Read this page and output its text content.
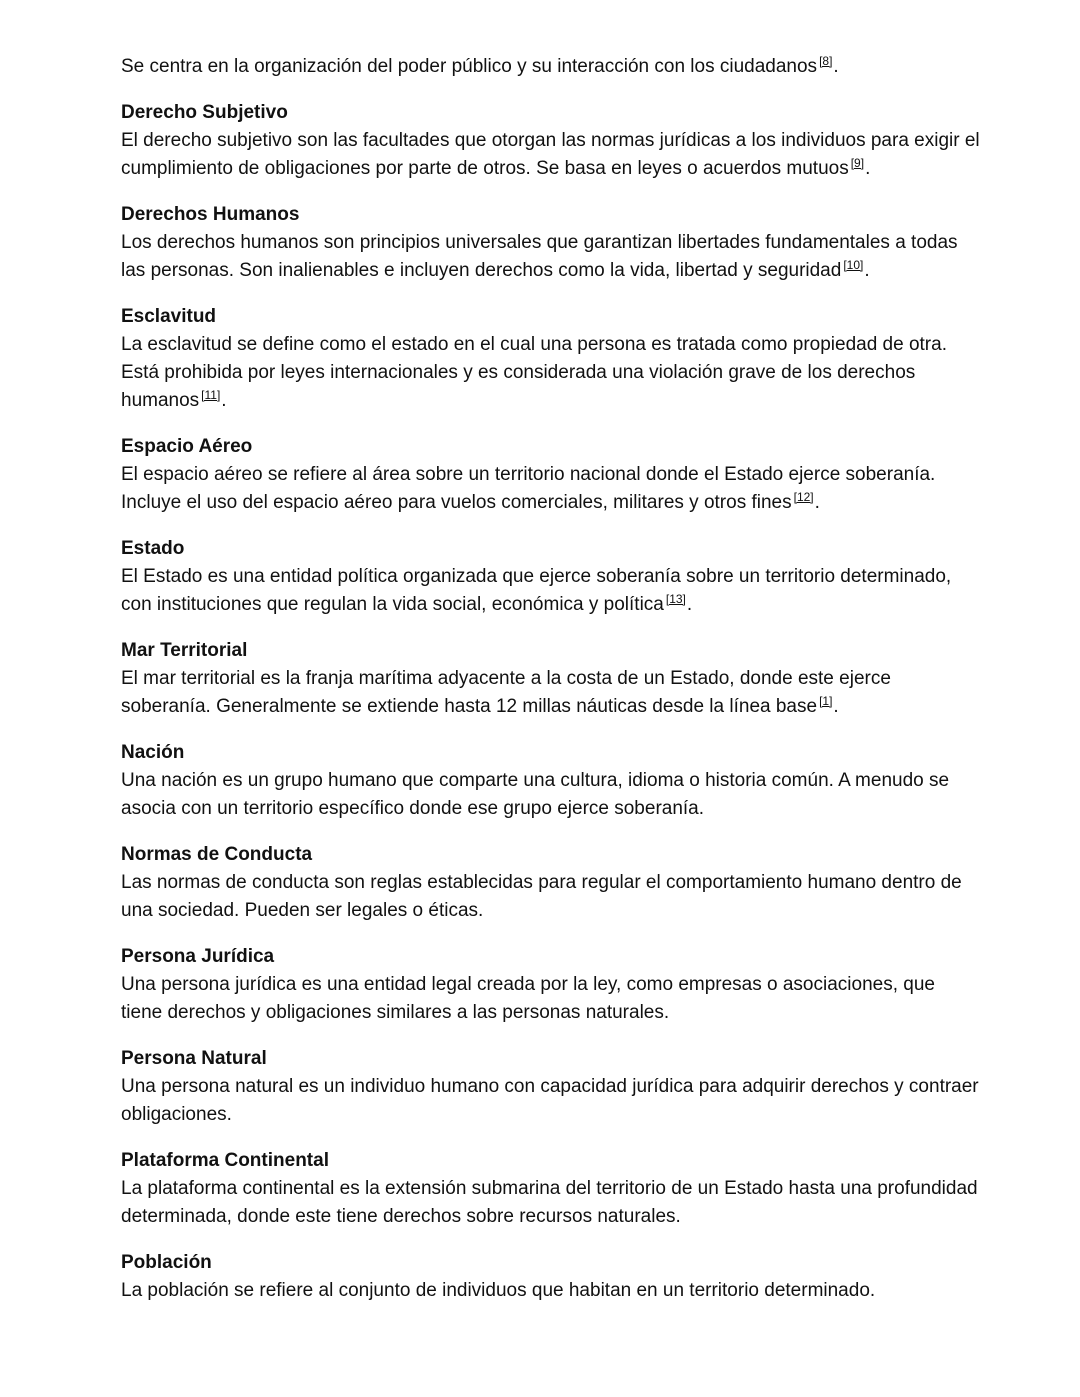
Se centra en la organización del poder público y su interacción con los ciudadanos [8].

Derecho Subjetivo

El derecho subjetivo son las facultades que otorgan las normas jurídicas a los individuos para exigir el cumplimiento de obligaciones por parte de otros. Se basa en leyes o acuerdos mutuos [9].

Derechos Humanos

Los derechos humanos son principios universales que garantizan libertades fundamentales a todas las personas. Son inalienables e incluyen derechos como la vida, libertad y seguridad [10].

Esclavitud

La esclavitud se define como el estado en el cual una persona es tratada como propiedad de otra. Está prohibida por leyes internacionales y es considerada una violación grave de los derechos humanos [11].

Espacio Aéreo

El espacio aéreo se refiere al área sobre un territorio nacional donde el Estado ejerce soberanía. Incluye el uso del espacio aéreo para vuelos comerciales, militares y otros fines [12].

Estado

El Estado es una entidad política organizada que ejerce soberanía sobre un territorio determinado, con instituciones que regulan la vida social, económica y política [13].

Mar Territorial

El mar territorial es la franja marítima adyacente a la costa de un Estado, donde este ejerce soberanía. Generalmente se extiende hasta 12 millas náuticas desde la línea base [1].

Nación

Una nación es un grupo humano que comparte una cultura, idioma o historia común. A menudo se asocia con un territorio específico donde ese grupo ejerce soberanía.

Normas de Conducta

Las normas de conducta son reglas establecidas para regular el comportamiento humano dentro de una sociedad. Pueden ser legales o éticas.

Persona Jurídica

Una persona jurídica es una entidad legal creada por la ley, como empresas o asociaciones, que tiene derechos y obligaciones similares a las personas naturales.

Persona Natural

Una persona natural es un individuo humano con capacidad jurídica para adquirir derechos y contraer obligaciones.

Plataforma Continental

La plataforma continental es la extensión submarina del territorio de un Estado hasta una profundidad determinada, donde este tiene derechos sobre recursos naturales.

Población

La población se refiere al conjunto de individuos que habitan en un territorio determinado.
